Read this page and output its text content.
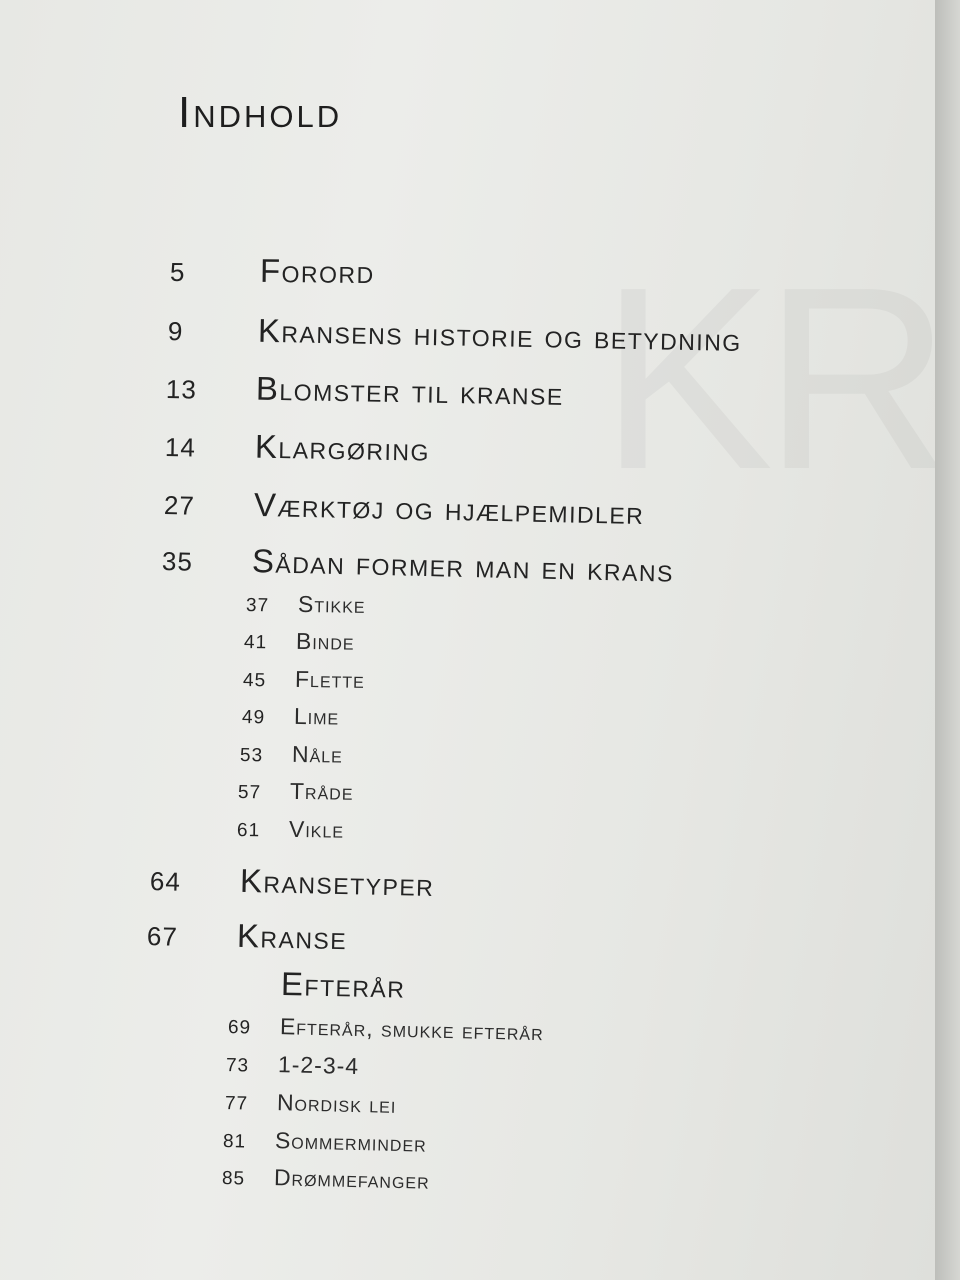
Indhold
5 Forord
9 Kransens historie og betydning
13 Blomster til kranse
14 Klargøring
27 Værktøj og hjælpemidler
35 Sådan former man en krans
37 Stikke
41 Binde
45 Flette
49 Lime
53 Nåle
57 Tråde
61 Vikle
64 Kransetyper
67 Kranse
Efterår
69 Efterår, smukke efterår
73 1-2-3-4
77 Nordisk lei
81 Sommerminder
85 Drømmefanger
